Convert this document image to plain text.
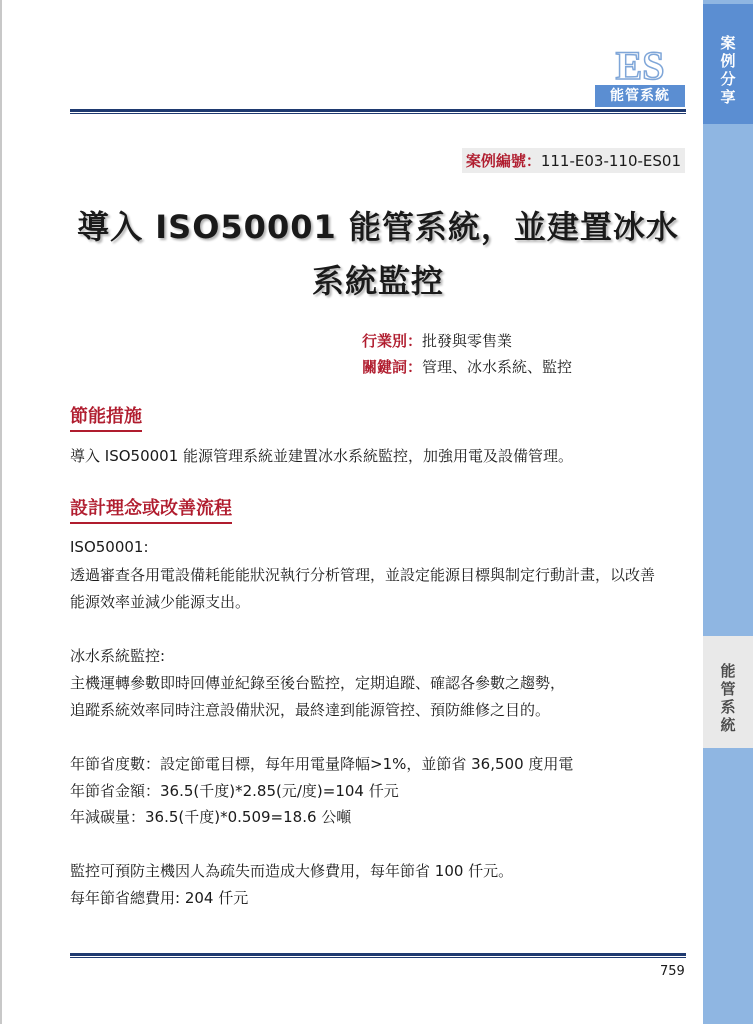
案
例
分
享
能
管
系
統
ES
能管系統
案例編號：111-E03-110-ES01
導入 ISO50001 能管系統，並建置冰水
系統監控
行業別：批發與零售業
關鍵詞：管理、冰水系統、監控
節能措施
導入 ISO50001 能源管理系統並建置冰水系統監控，加強用電及設備管理。
設計理念或改善流程
ISO50001:
透過審查各用電設備耗能能狀況執行分析管理，並設定能源目標與制定行動計畫，以改善
能源效率並減少能源支出。
冰水系統監控:
主機運轉參數即時回傳並紀錄至後台監控，定期追蹤、確認各參數之趨勢，
追蹤系統效率同時注意設備狀況，最終達到能源管控、預防維修之目的。
年節省度數：設定節電目標，每年用電量降幅>1%，並節省 36,500 度用電
年節省金額：36.5(千度)*2.85(元/度)=104 仟元
年減碳量：36.5(千度)*0.509=18.6 公噸
監控可預防主機因人為疏失而造成大修費用，每年節省 100 仟元。
每年節省總費用: 204 仟元
759
